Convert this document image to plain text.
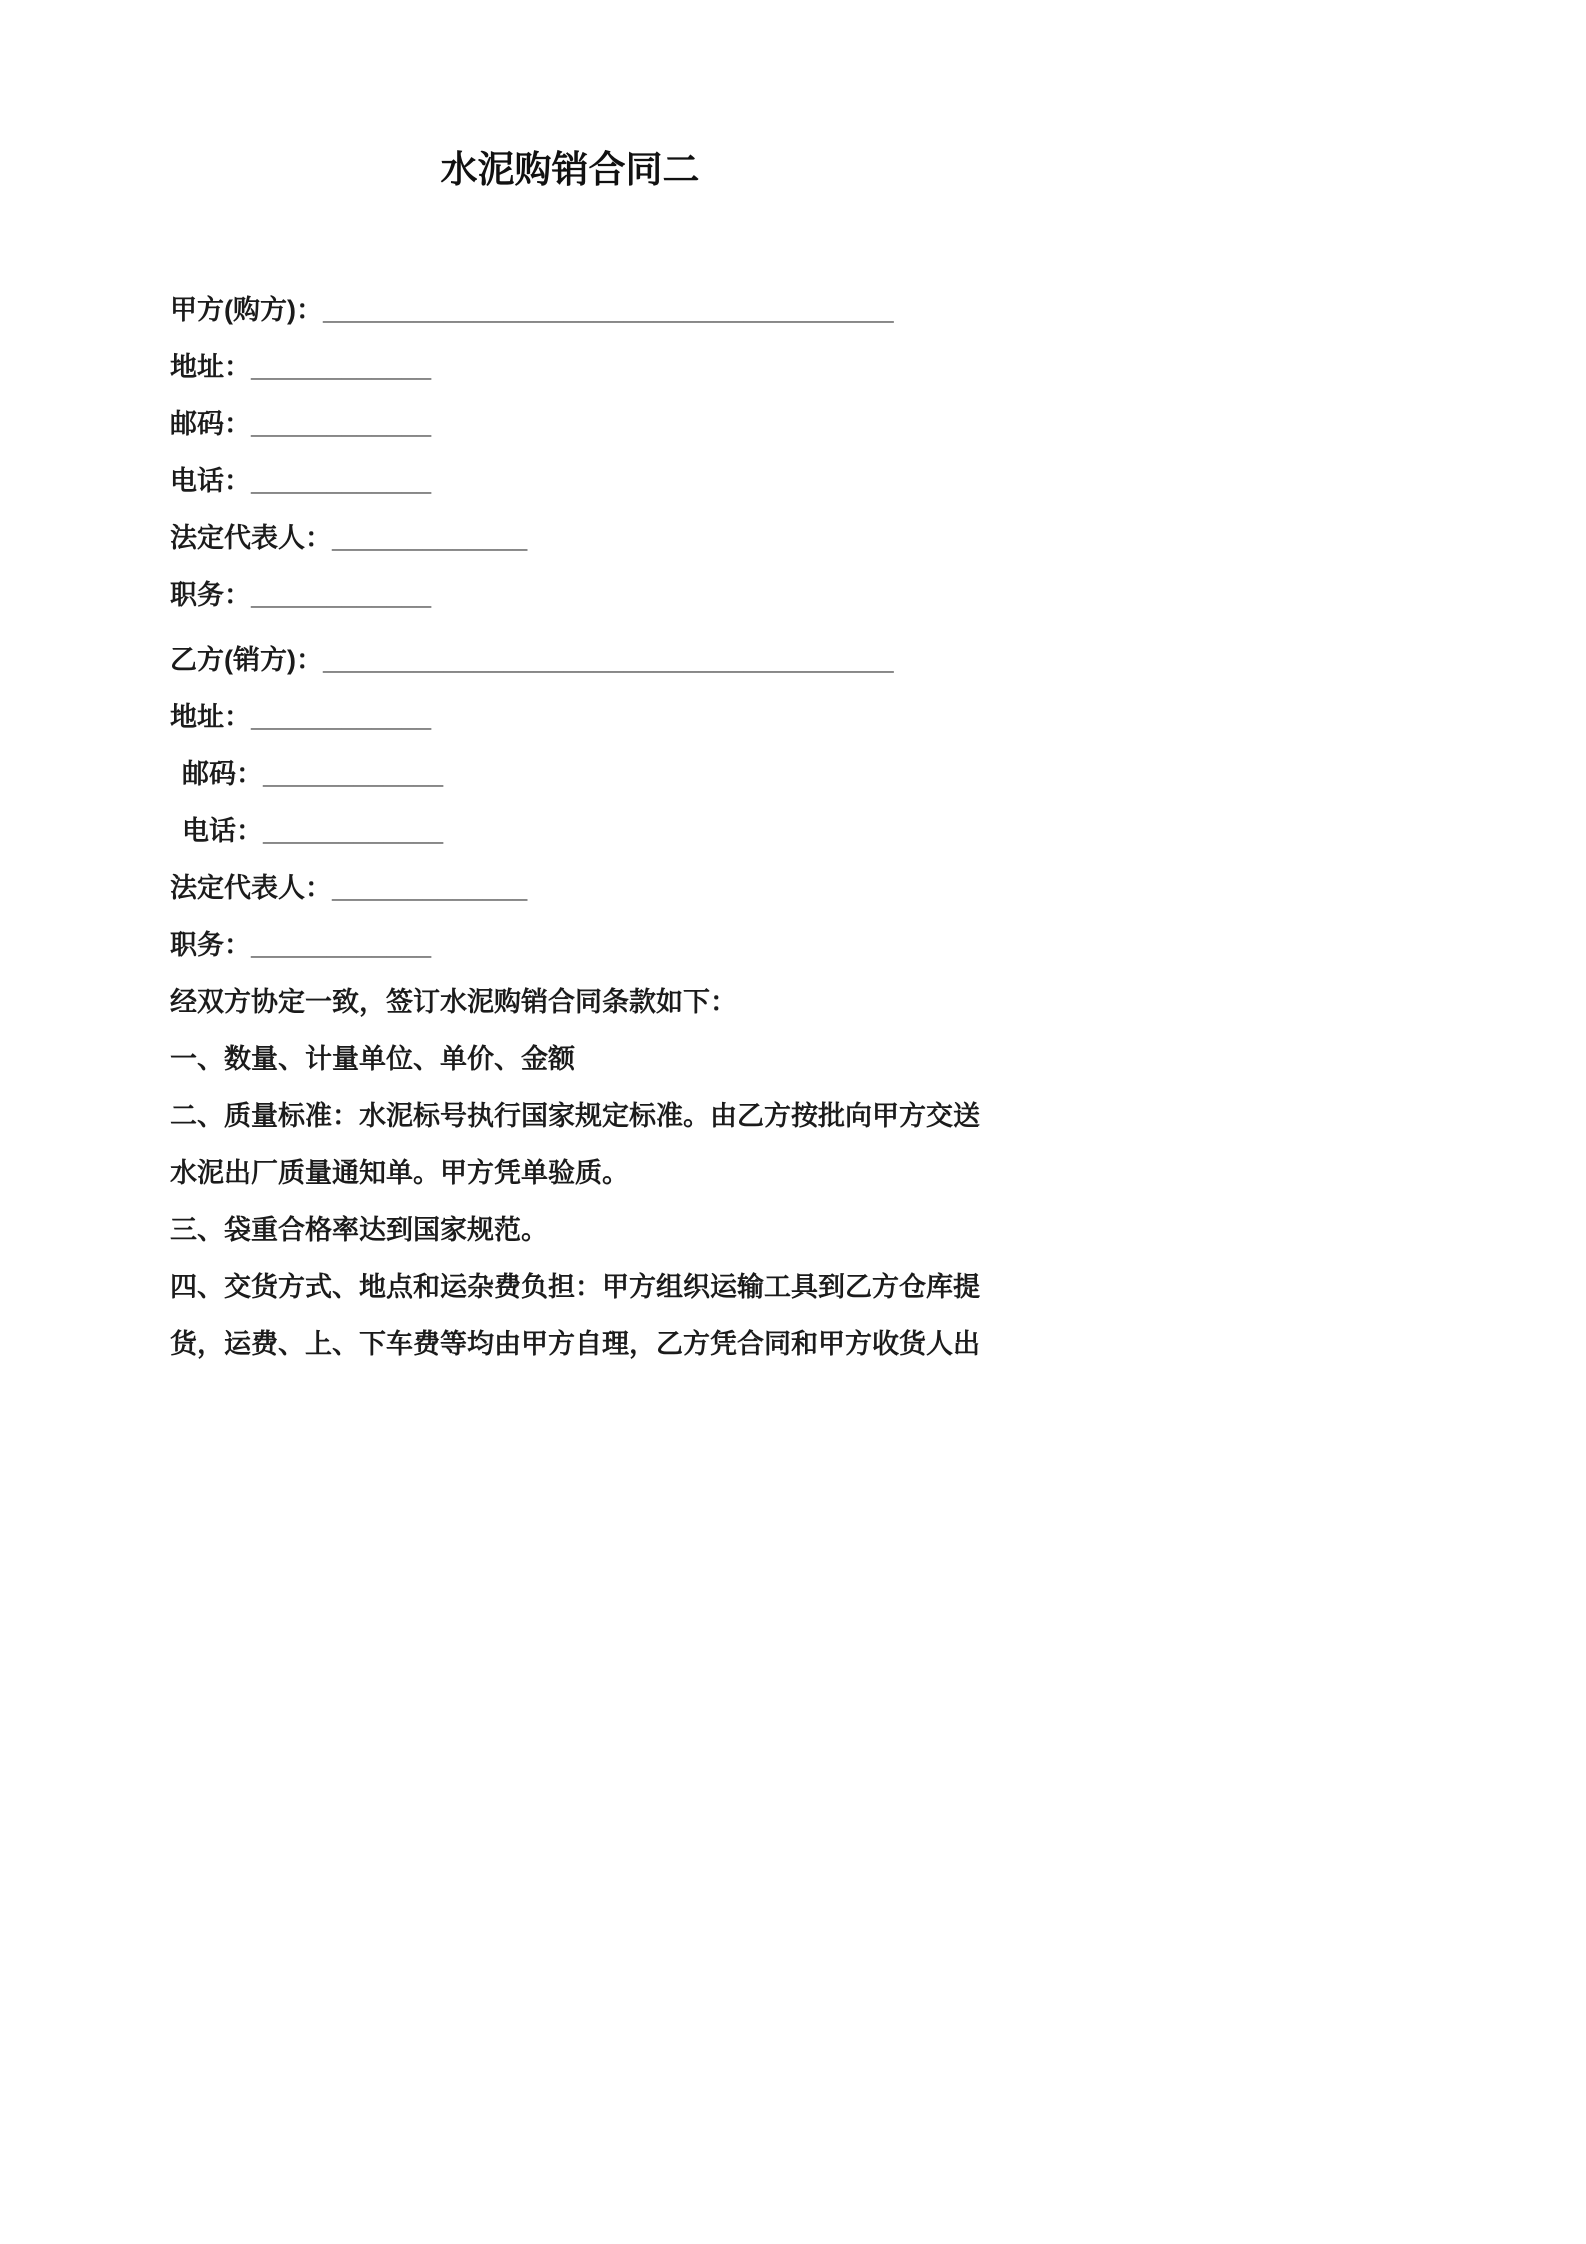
水泥购销合同二
甲方(购方)：______________________________________
地址：____________
邮码：____________
电话：____________
法定代表人：_____________
职务：____________
乙方(销方)：______________________________________
地址：____________
邮码：____________
电话：____________
法定代表人：_____________
职务：____________
经双方协定一致，签订水泥购销合同条款如下：
一、数量、计量单位、单价、金额
二、质量标准：水泥标号执行国家规定标准。由乙方按批向甲方交送
水泥出厂质量通知单。甲方凭单验质。
三、袋重合格率达到国家规范。
四、交货方式、地点和运杂费负担：甲方组织运输工具到乙方仓库提
货，运费、上、下车费等均由甲方自理，乙方凭合同和甲方收货人出
